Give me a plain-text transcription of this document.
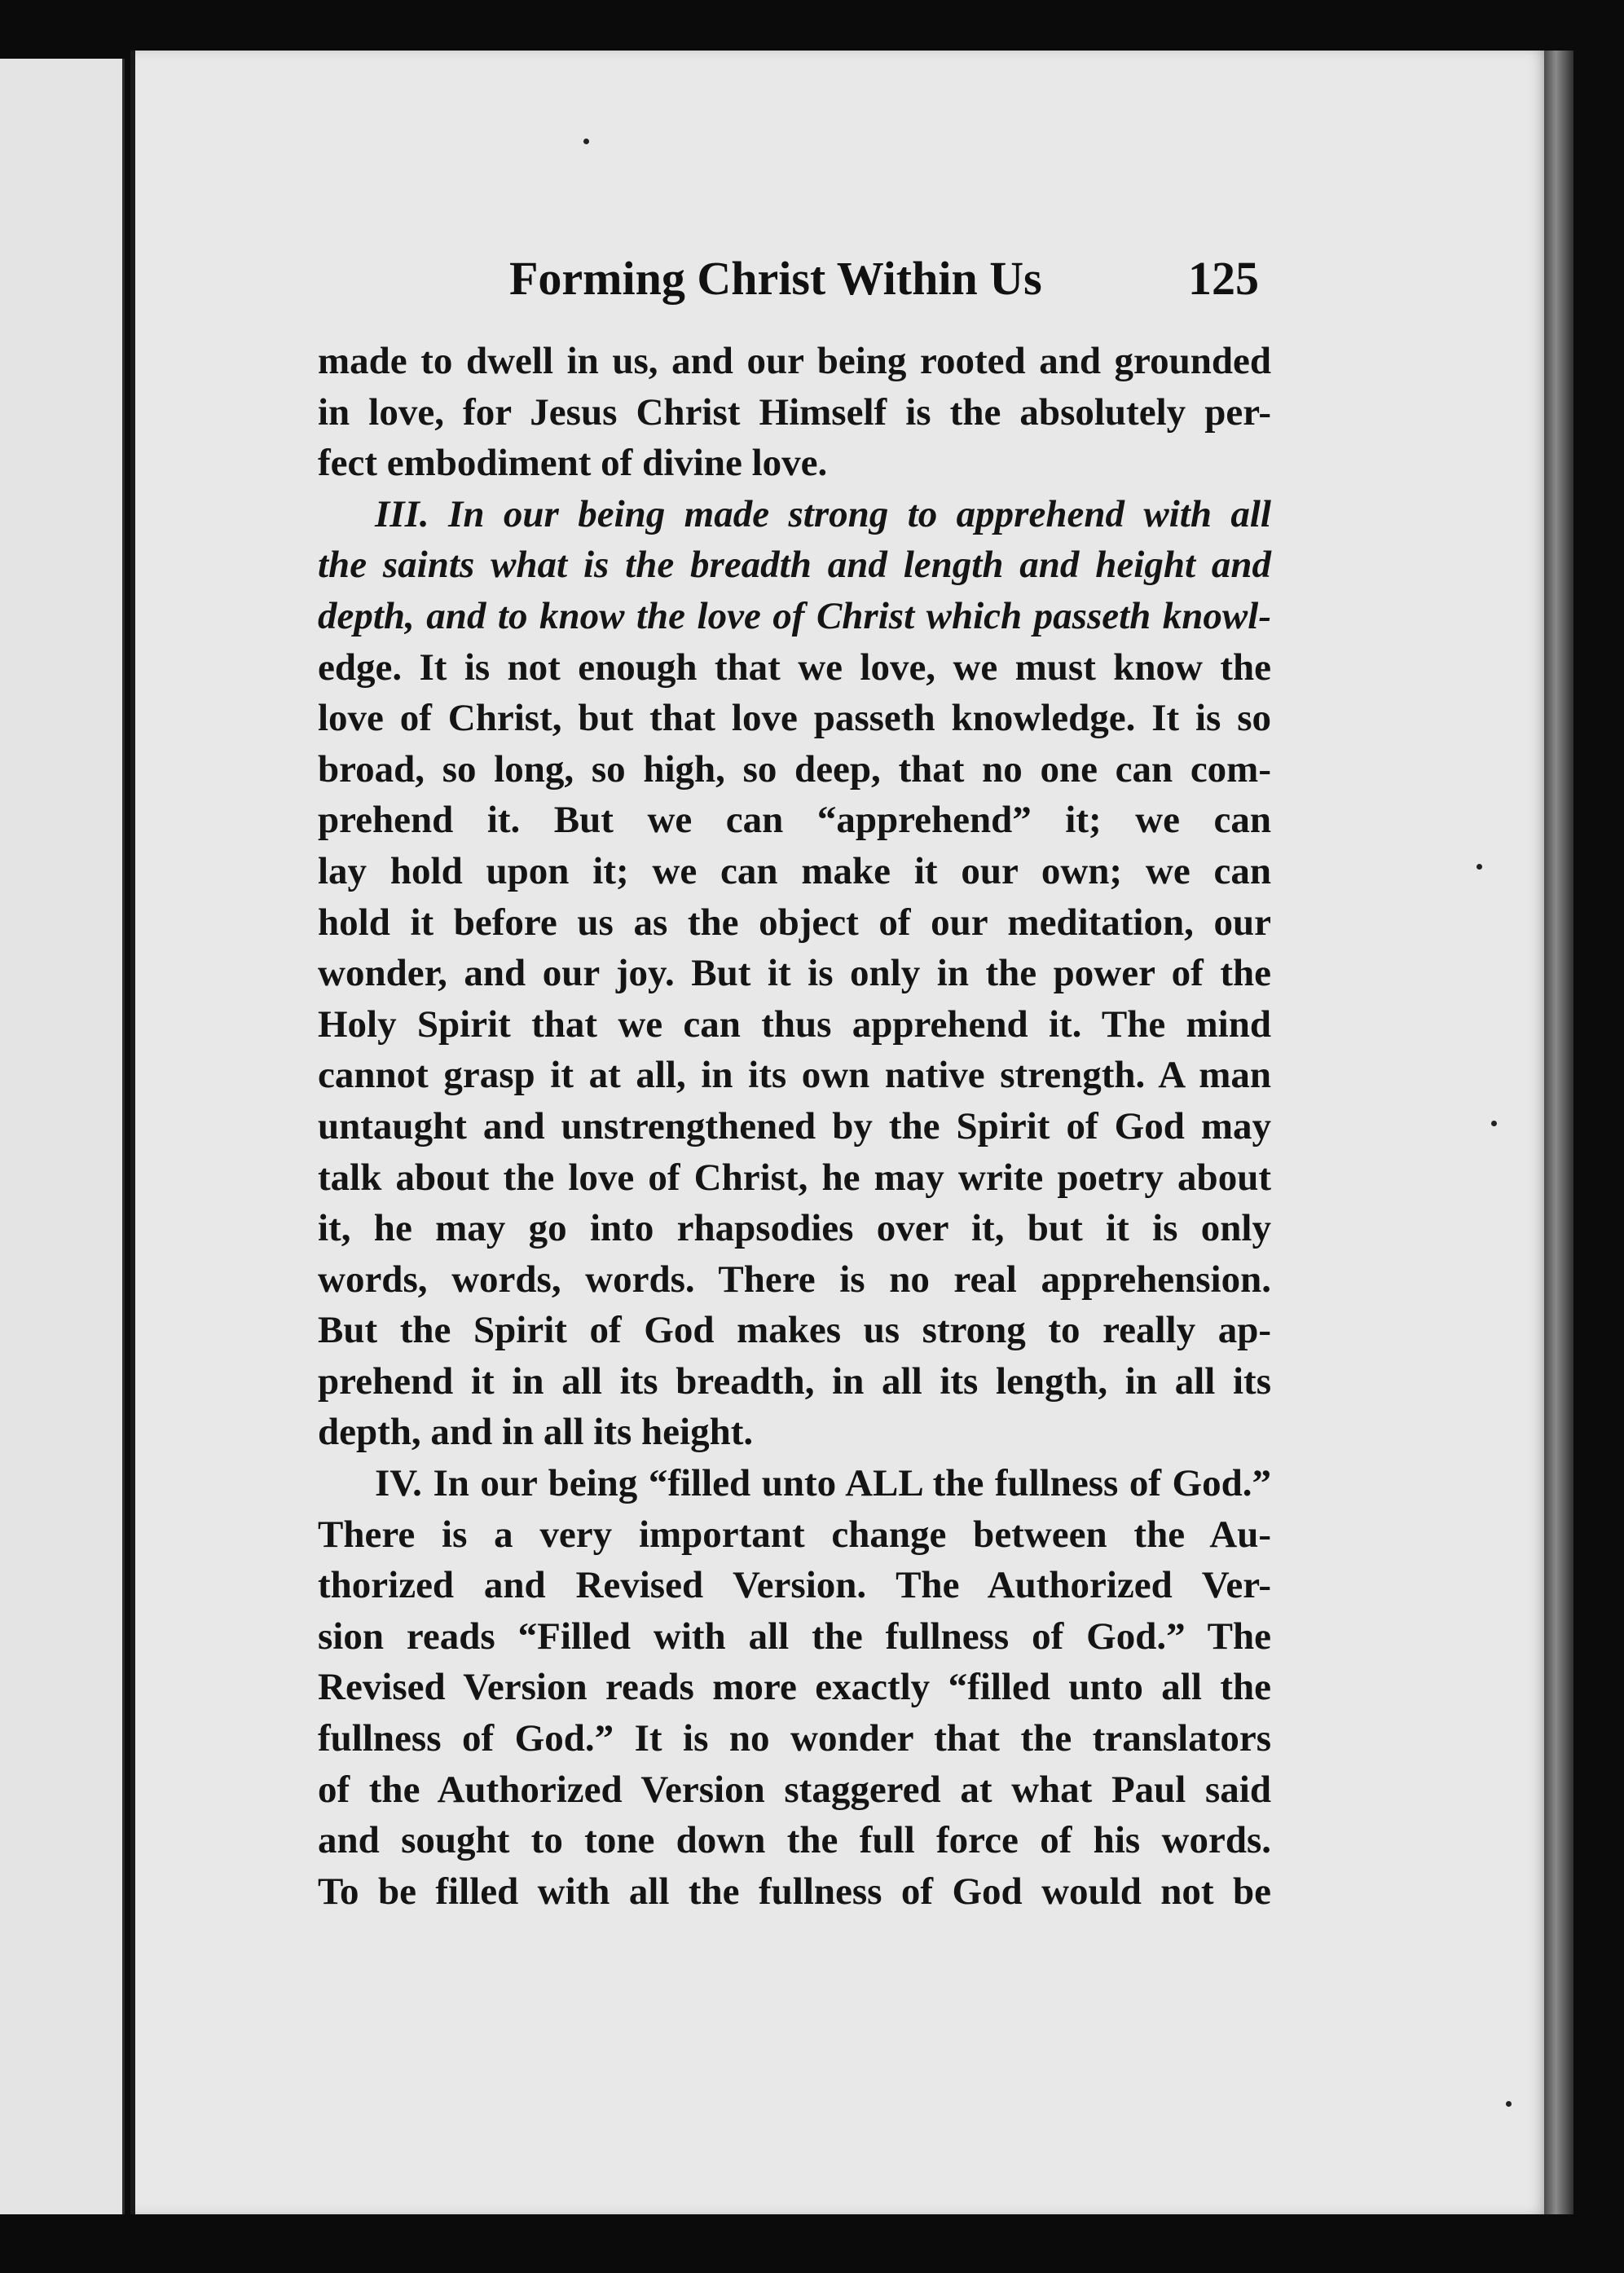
Forming Christ Within Us	125
made to dwell in us, and our being rooted and grounded
in love, for Jesus Christ Himself is the absolutely per-
fect embodiment of divine love.
III. In our being made strong to apprehend with all
the saints what is the breadth and length and height and
depth, and to know the love of Christ which passeth knowl-
edge. It is not enough that we love, we must know the
love of Christ, but that love passeth knowledge. It is so
broad, so long, so high, so deep, that no one can com-
prehend it. But we can “apprehend” it; we can
lay hold upon it; we can make it our own; we can
hold it before us as the object of our meditation, our
wonder, and our joy. But it is only in the power of the
Holy Spirit that we can thus apprehend it. The mind
cannot grasp it at all, in its own native strength. A man
untaught and unstrengthened by the Spirit of God may
talk about the love of Christ, he may write poetry about
it, he may go into rhapsodies over it, but it is only
words, words, words. There is no real apprehension.
But the Spirit of God makes us strong to really ap-
prehend it in all its breadth, in all its length, in all its
depth, and in all its height.
IV. In our being “filled unto ALL the fullness of God.”
There is a very important change between the Au-
thorized and Revised Version. The Authorized Ver-
sion reads “Filled with all the fullness of God.” The
Revised Version reads more exactly “filled unto all the
fullness of God.” It is no wonder that the translators
of the Authorized Version staggered at what Paul said
and sought to tone down the full force of his words.
To be filled with all the fullness of God would not be
